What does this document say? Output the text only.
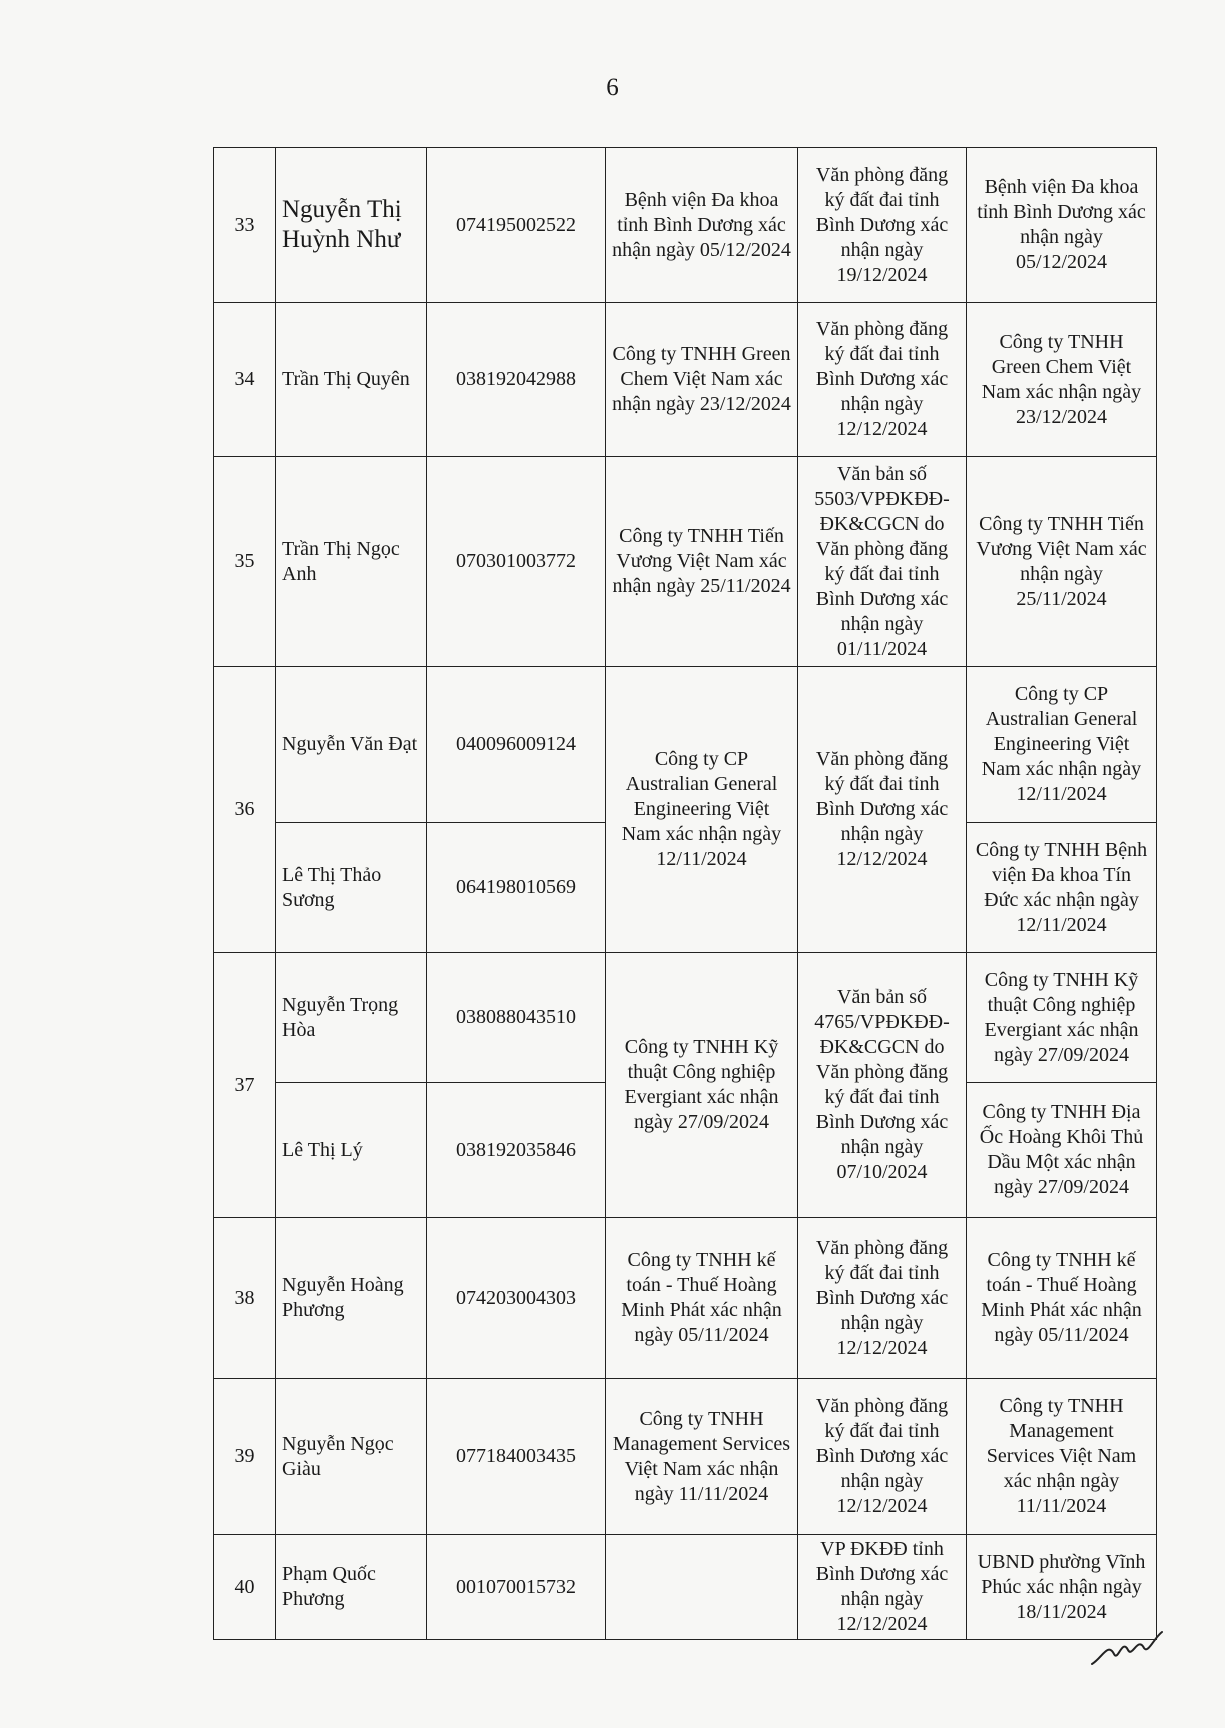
6
33	Nguyễn Thị Huỳnh Như	074195002522	Bệnh viện Đa khoa tỉnh Bình Dương xác nhận ngày 05/12/2024	Văn phòng đăng ký đất đai tỉnh Bình Dương xác nhận ngày 19/12/2024	Bệnh viện Đa khoa tỉnh Bình Dương xác nhận ngày 05/12/2024
34	Trần Thị Quyên	038192042988	Công ty TNHH Green Chem Việt Nam xác nhận ngày 23/12/2024	Văn phòng đăng ký đất đai tỉnh Bình Dương xác nhận ngày 12/12/2024	Công ty TNHH Green Chem Việt Nam xác nhận ngày 23/12/2024
35	Trần Thị Ngọc Anh	070301003772	Công ty TNHH Tiến Vương Việt Nam xác nhận ngày 25/11/2024	Văn bản số 5503/VPĐKĐĐ-ĐK&CGCN do Văn phòng đăng ký đất đai tỉnh Bình Dương xác nhận ngày 01/11/2024	Công ty TNHH Tiến Vương Việt Nam xác nhận ngày 25/11/2024
36	Nguyễn Văn Đạt	040096009124	Công ty CP Australian General Engineering Việt Nam xác nhận ngày 12/11/2024	Văn phòng đăng ký đất đai tỉnh Bình Dương xác nhận ngày 12/12/2024	Công ty CP Australian General Engineering Việt Nam xác nhận ngày 12/11/2024
	Lê Thị Thảo Sương	064198010569			Công ty TNHH Bệnh viện Đa khoa Tín Đức xác nhận ngày 12/11/2024
37	Nguyễn Trọng Hòa	038088043510	Công ty TNHH Kỹ thuật Công nghiệp Evergiant xác nhận ngày 27/09/2024	Văn bản số 4765/VPĐKĐĐ-ĐK&CGCN do Văn phòng đăng ký đất đai tỉnh Bình Dương xác nhận ngày 07/10/2024	Công ty TNHH Kỹ thuật Công nghiệp Evergiant xác nhận ngày 27/09/2024
	Lê Thị Lý	038192035846			Công ty TNHH Địa Ốc Hoàng Khôi Thủ Dầu Một xác nhận ngày 27/09/2024
38	Nguyễn Hoàng Phương	074203004303	Công ty TNHH kế toán - Thuế Hoàng Minh Phát xác nhận ngày 05/11/2024	Văn phòng đăng ký đất đai tỉnh Bình Dương xác nhận ngày 12/12/2024	Công ty TNHH kế toán - Thuế Hoàng Minh Phát xác nhận ngày 05/11/2024
39	Nguyễn Ngọc Giàu	077184003435	Công ty TNHH Management Services Việt Nam xác nhận ngày 11/11/2024	Văn phòng đăng ký đất đai tỉnh Bình Dương xác nhận ngày 12/12/2024	Công ty TNHH Management Services Việt Nam xác nhận ngày 11/11/2024
40	Phạm Quốc Phương	001070015732		VP ĐKĐĐ tỉnh Bình Dương xác nhận ngày 12/12/2024	UBND phường Vĩnh Phúc xác nhận ngày 18/11/2024
